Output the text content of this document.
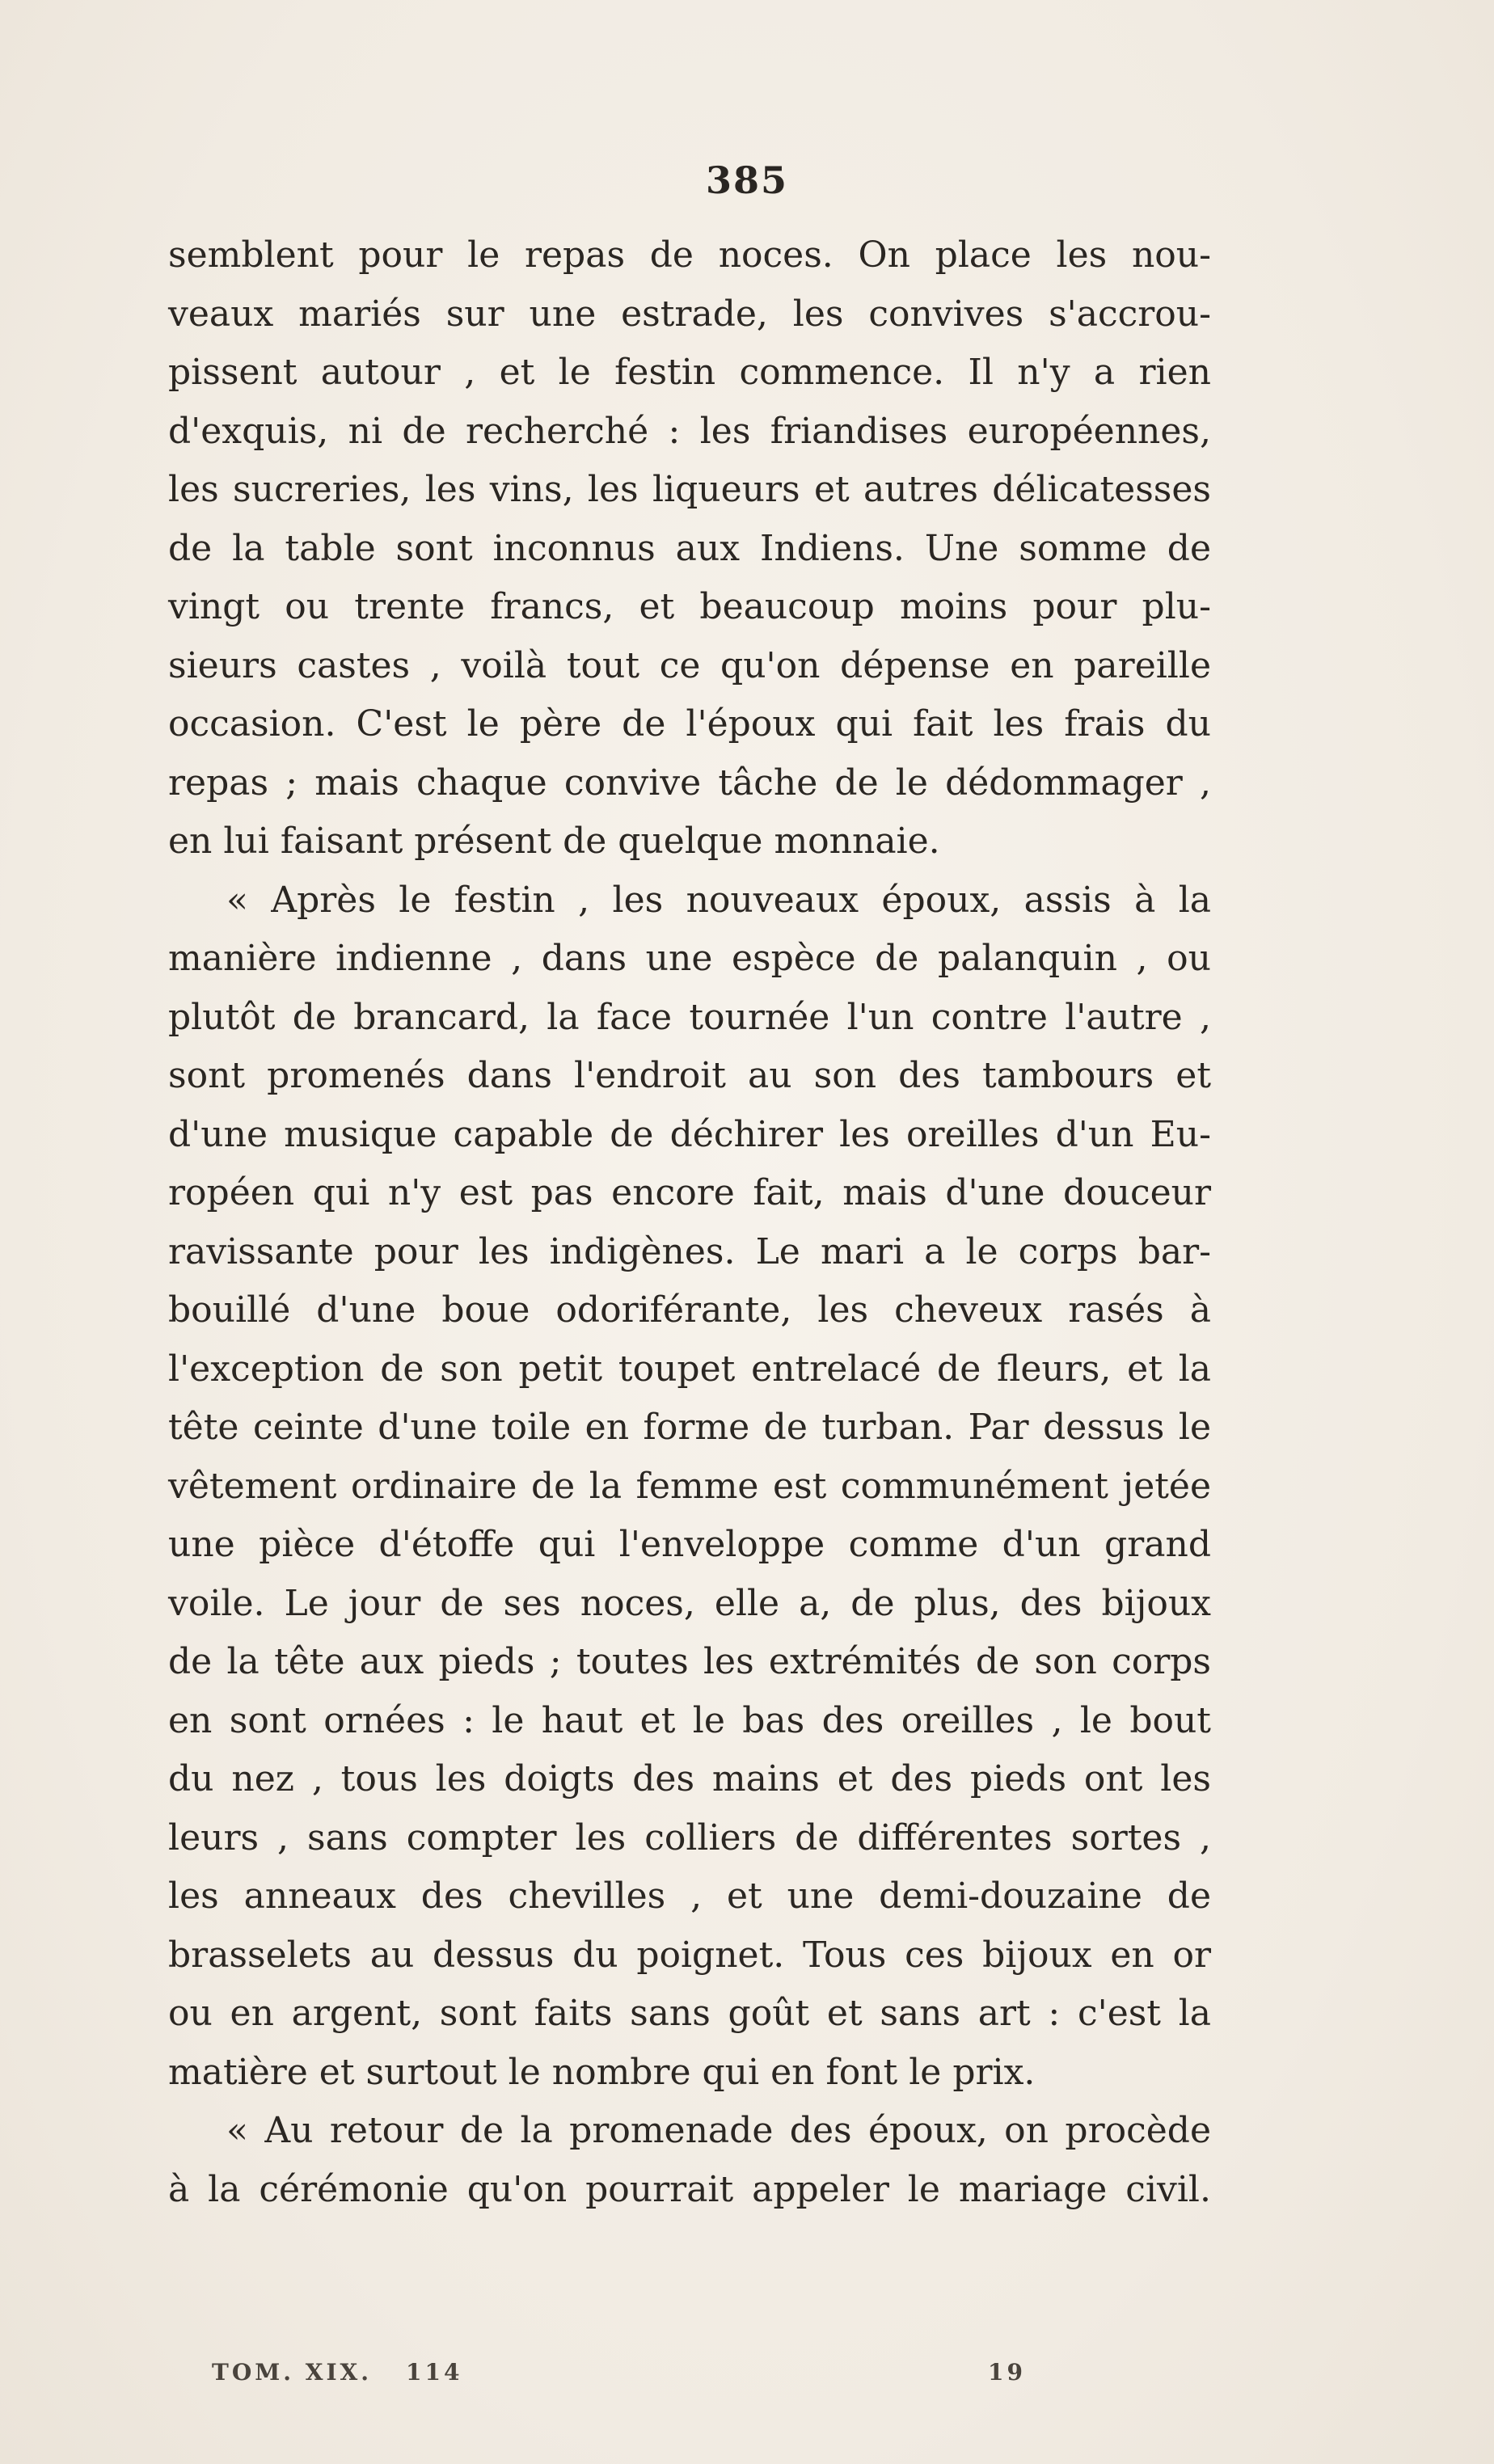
385
semblent pour le repas de noces. On place les nou-
veaux mariés sur une estrade, les convives s'accrou-
pissent autour , et le festin commence. Il n'y a rien
d'exquis, ni de recherché : les friandises européennes,
les sucreries, les vins, les liqueurs et autres délicatesses
de la table sont inconnus aux Indiens. Une somme de
vingt ou trente francs, et beaucoup moins pour plu-
sieurs castes , voilà tout ce qu'on dépense en pareille
occasion. C'est le père de l'époux qui fait les frais du
repas ; mais chaque convive tâche de le dédommager ,
en lui faisant présent de quelque monnaie.
« Après le festin , les nouveaux époux, assis à la
manière indienne , dans une espèce de palanquin , ou
plutôt de brancard, la face tournée l'un contre l'autre ,
sont promenés dans l'endroit au son des tambours et
d'une musique capable de déchirer les oreilles d'un Eu-
ropéen qui n'y est pas encore fait, mais d'une douceur
ravissante pour les indigènes. Le mari a le corps bar-
bouillé d'une boue odoriférante, les cheveux rasés à
l'exception de son petit toupet entrelacé de fleurs, et la
tête ceinte d'une toile en forme de turban. Par dessus le
vêtement ordinaire de la femme est communément jetée
une pièce d'étoffe qui l'enveloppe comme d'un grand
voile. Le jour de ses noces, elle a, de plus, des bijoux
de la tête aux pieds ; toutes les extrémités de son corps
en sont ornées : le haut et le bas des oreilles , le bout
du nez , tous les doigts des mains et des pieds ont les
leurs , sans compter les colliers de différentes sortes ,
les anneaux des chevilles , et une demi-douzaine de
brasselets au dessus du poignet. Tous ces bijoux en or
ou en argent, sont faits sans goût et sans art : c'est la
matière et surtout le nombre qui en font le prix.
« Au retour de la promenade des époux, on procède
à la cérémonie qu'on pourrait appeler le mariage civil.
TOM. XIX. 114	19
